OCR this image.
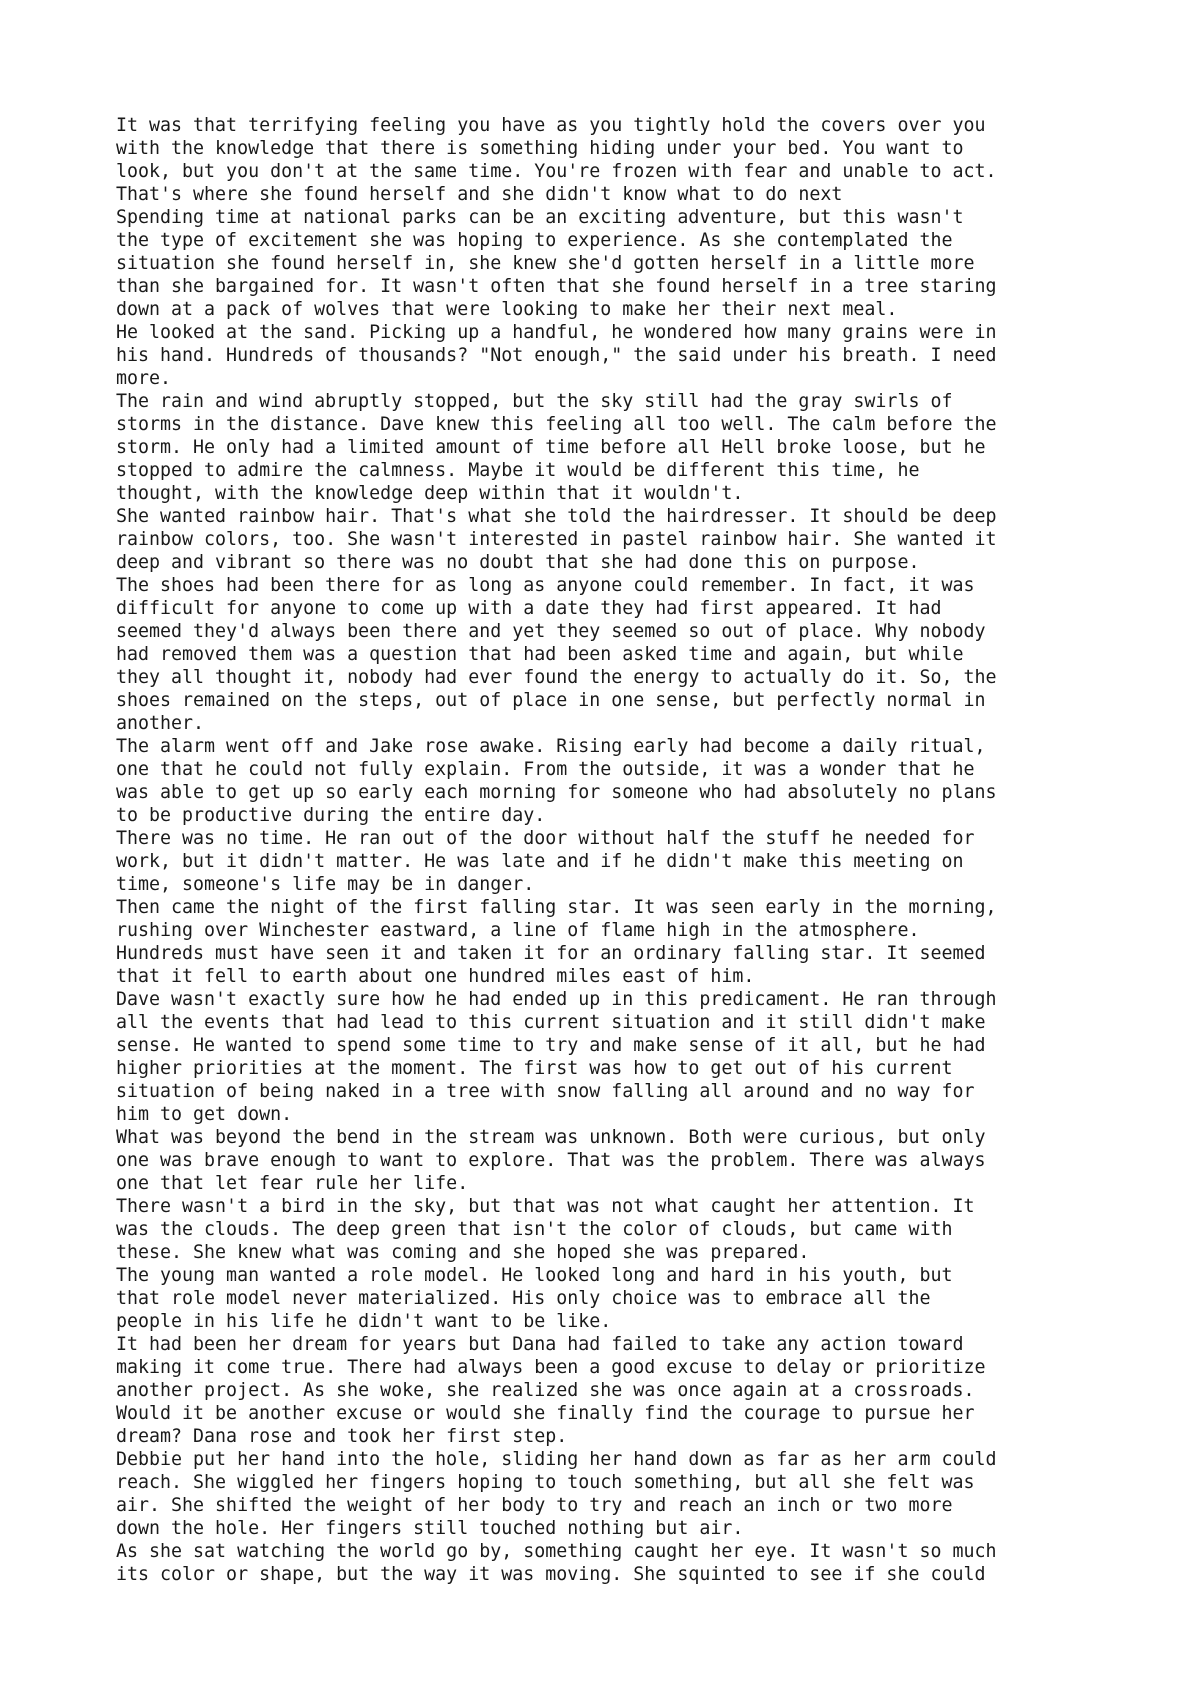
It was that terrifying feeling you have as you tightly hold the covers over you
with the knowledge that there is something hiding under your bed. You want to
look, but you don't at the same time. You're frozen with fear and unable to act.
That's where she found herself and she didn't know what to do next
Spending time at national parks can be an exciting adventure, but this wasn't
the type of excitement she was hoping to experience. As she contemplated the
situation she found herself in, she knew she'd gotten herself in a little more
than she bargained for. It wasn't often that she found herself in a tree staring
down at a pack of wolves that were looking to make her their next meal.
He looked at the sand. Picking up a handful, he wondered how many grains were in
his hand. Hundreds of thousands? "Not enough," the said under his breath. I need
more.
The rain and wind abruptly stopped, but the sky still had the gray swirls of
storms in the distance. Dave knew this feeling all too well. The calm before the
storm. He only had a limited amount of time before all Hell broke loose, but he
stopped to admire the calmness. Maybe it would be different this time, he
thought, with the knowledge deep within that it wouldn't.
She wanted rainbow hair. That's what she told the hairdresser. It should be deep
rainbow colors, too. She wasn't interested in pastel rainbow hair. She wanted it
deep and vibrant so there was no doubt that she had done this on purpose.
The shoes had been there for as long as anyone could remember. In fact, it was
difficult for anyone to come up with a date they had first appeared. It had
seemed they'd always been there and yet they seemed so out of place. Why nobody
had removed them was a question that had been asked time and again, but while
they all thought it, nobody had ever found the energy to actually do it. So, the
shoes remained on the steps, out of place in one sense, but perfectly normal in
another.
The alarm went off and Jake rose awake. Rising early had become a daily ritual,
one that he could not fully explain. From the outside, it was a wonder that he
was able to get up so early each morning for someone who had absolutely no plans
to be productive during the entire day.
There was no time. He ran out of the door without half the stuff he needed for
work, but it didn't matter. He was late and if he didn't make this meeting on
time, someone's life may be in danger.
Then came the night of the first falling star. It was seen early in the morning,
rushing over Winchester eastward, a line of flame high in the atmosphere.
Hundreds must have seen it and taken it for an ordinary falling star. It seemed
that it fell to earth about one hundred miles east of him.
Dave wasn't exactly sure how he had ended up in this predicament. He ran through
all the events that had lead to this current situation and it still didn't make
sense. He wanted to spend some time to try and make sense of it all, but he had
higher priorities at the moment. The first was how to get out of his current
situation of being naked in a tree with snow falling all around and no way for
him to get down.
What was beyond the bend in the stream was unknown. Both were curious, but only
one was brave enough to want to explore. That was the problem. There was always
one that let fear rule her life.
There wasn't a bird in the sky, but that was not what caught her attention. It
was the clouds. The deep green that isn't the color of clouds, but came with
these. She knew what was coming and she hoped she was prepared.
The young man wanted a role model. He looked long and hard in his youth, but
that role model never materialized. His only choice was to embrace all the
people in his life he didn't want to be like.
It had been her dream for years but Dana had failed to take any action toward
making it come true. There had always been a good excuse to delay or prioritize
another project. As she woke, she realized she was once again at a crossroads.
Would it be another excuse or would she finally find the courage to pursue her
dream? Dana rose and took her first step.
Debbie put her hand into the hole, sliding her hand down as far as her arm could
reach. She wiggled her fingers hoping to touch something, but all she felt was
air. She shifted the weight of her body to try and reach an inch or two more
down the hole. Her fingers still touched nothing but air.
As she sat watching the world go by, something caught her eye. It wasn't so much
its color or shape, but the way it was moving. She squinted to see if she could
